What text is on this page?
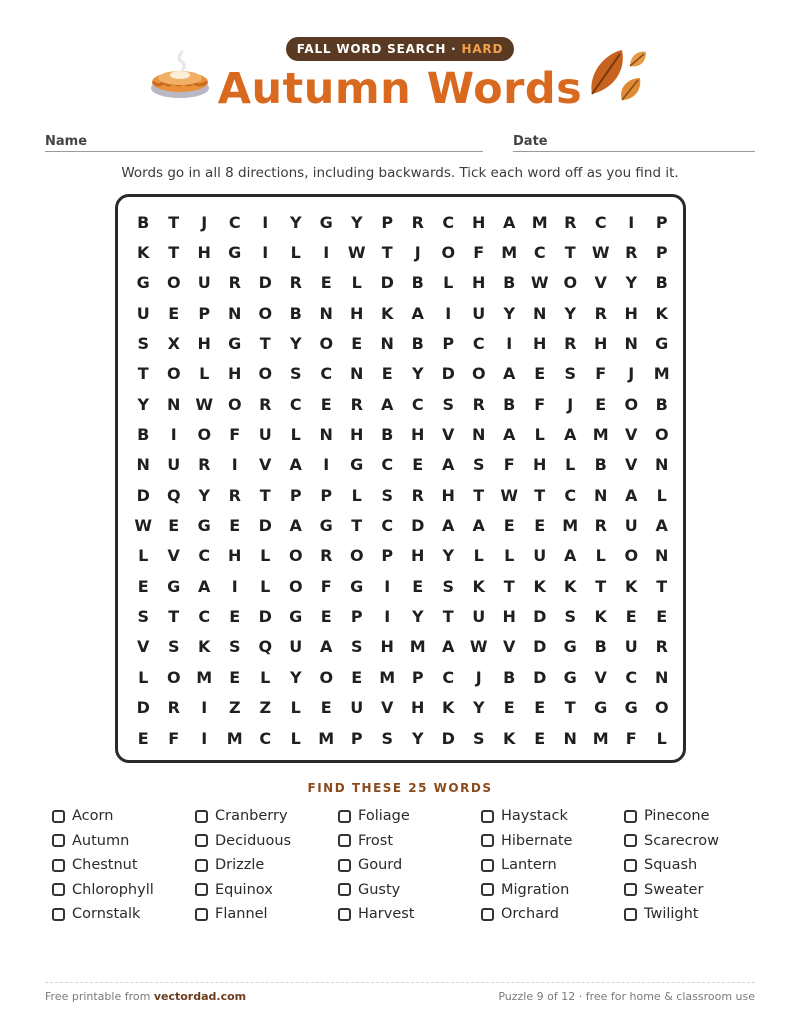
FALL WORD SEARCH · HARD
Autumn Words
Name	Date
Words go in all 8 directions, including backwards. Tick each word off as you find it.
B	T	J	C	I	Y	G	Y	P	R	C	H	A	M	R	C	I	P
K	T	H	G	I	L	I	W	T	J	O	F	M	C	T	W R	P
G	O	U	R	D	R	E	L	D	B	L	H	B W O	V	Y	B
U	E	P	N	O	B	N	H	K	A	I	U	Y	N	Y	R	H	K
S	X	H	G	T	Y	O	E	N	B	P	C	I	H	R	H	N	G
T	O	L	H	O	S	C	N	E	Y	D	O	A	E	S	F	J	M
Y	N W O	R	C	E	R	A	C	S	R	B	F	J	E	O	B
B	I	O	F	U	L	N	H	B	H	V	N	A	L	A	M	V	O
N	U	R	I	V	A	I	G	C	E	A	S	F	H	L	B	V	N
D	Q	Y	R	T	P	P	L	S	R	H	T	W	T	C	N	A	L
W	E	G	E	D	A	G	T	C	D	A	A	E	E	M	R	U	A
L	V	C	H	L	O	R	O	P	H	Y	L	L	U	A	L	O	N
E	G	A	I	L	O	F	G	I	E	S	K	T	K	K	T	K	T
S	T	C	E	D	G	E	P	I	Y	T	U	H	D	S	K	E	E
V	S	K	S	Q	U	A	S	H M	A W V	D	G	B	U	R
L	O M	E	L	Y	O	E	M	P	C	J	B	D	G	V	C	N
D	R	I	Z	Z	L	E	U	V	H	K	Y	E	E	T	G	G	O
E	F	I	M	C	L	M	P	S	Y	D	S	K	E	N M	F	L
FIND THESE 25 WORDS
Acorn
Autumn
Chestnut
Chlorophyll
Cornstalk
Cranberry
Deciduous
Drizzle
Equinox
Flannel
Foliage
Frost
Gourd
Gusty
Harvest
Haystack
Hibernate
Lantern
Migration
Orchard
Pinecone
Scarecrow
Squash
Sweater
Twilight
Free printable from vectordad.com	Puzzle 9 of 12 · free for home & classroom use
